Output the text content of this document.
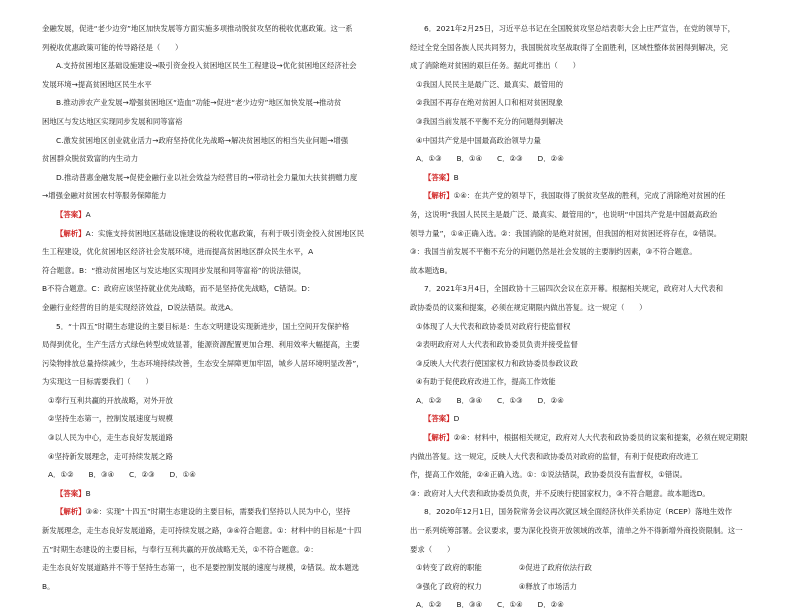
金融发展，促进“老少边穷”地区加快发展等方面实施多项推动脱贫攻坚的税收优惠政策。这一系
列税收优惠政策可能的传导路径是（　　）
A.支持贫困地区基础设施建设→吸引资金投入贫困地区民生工程建设→优化贫困地区经济社会
发展环境→提高贫困地区民生水平
B.推动涉农产业发展→增强贫困地区“造血”功能→促进“老少边穷”地区加快发展→推动贫
困地区与发达地区实现同步发展和同等富裕
C.激发贫困地区创业就业活力→政府坚持优化先战略→解决贫困地区的相当失业问题→增强
贫困群众脱贫致富的内生动力
D.推动普惠金融发展→促使金融行业以社会效益为经营目的→带动社会力量加大扶贫捐赠力度
→增强金融对贫困农村等服务保障能力
【答案】A
【解析】A：实施支持贫困地区基础设施建设的税收优惠政策，有利于吸引资金投入贫困地区民
生工程建设，优化贫困地区经济社会发展环境，进而提高贫困地区群众民生水平，A
符合题意。B：“推动贫困地区与发达地区实现同步发展和同等富裕”的说法错误，
B不符合题意。C：政府应该坚持就业优先战略，而不是坚持优先战略，C错误。D：
金融行业经营的目的是实现经济效益，D说法错误。故选A。
5．“十四五”时期生态建设的主要目标是：生态文明建设实现新进步，国土空间开发保护格
局得到优化，生产生活方式绿色转型成效显著，能源资源配置更加合理、利用效率大幅提高，主要
污染物排放总量持续减少，生态环境持续改善，生态安全屏障更加牢固，城乡人居环境明显改善”，
为实现这一目标需要我们（　　）
①奉行互利共赢的开放战略，对外开放
②坚持生态第一，控制发展速度与规模
③以人民为中心，走生态良好发展道路
④坚持新发展理念，走可持续发展之路
A．①②　　B．③④　　C．②③　　D．①④
【答案】B
【解析】③④：实现“十四五”时期生态建设的主要目标，需要我们坚持以人民为中心，坚持
新发展理念，走生态良好发展道路，走可持续发展之路，③④符合题意。①：材料中的目标是“十四
五”时期生态建设的主要目标，与奉行互利共赢的开放战略无关，①不符合题意。②：
走生态良好发展道路并不等于坚持生态第一，也不是要控制发展的速度与规模，②错误。故本题选
B。
6．2021年2月25日，习近平总书记在全国脱贫攻坚总结表彰大会上庄严宣告，在党的领导下，
经过全党全国各族人民共同努力，我国脱贫攻坚战取得了全面胜利，区域性整体贫困得到解决，完
成了消除绝对贫困的艰巨任务。据此可推出（　　）
①我国人民民主是最广泛、最真实、最管用的
②我国不再存在绝对贫困人口和相对贫困现象
③我国当前发展不平衡不充分的问题得到解决
④中国共产党是中国最高政治领导力量
A．①③　　B．①④　　C．②③　　D．②④
【答案】B
【解析】①④：在共产党的领导下，我国取得了脱贫攻坚战的胜利，完成了消除绝对贫困的任
务，这说明“我国人民民主是最广泛、最真实、最管用的”，也说明“中国共产党是中国最高政治
领导力量”，①④正确入选。②：我国消除的是绝对贫困，但我国的相对贫困还将存在，②错误。
③：我国当前发展不平衡不充分的问题仍然是社会发展的主要制约因素，③不符合题意。
故本题选B。
7．2021年3月4日，全国政协十三届四次会议在京开幕。根据相关规定，政府对人大代表和
政协委员的议案和提案，必须在规定期限内做出答复。这一规定（　　）
①体现了人大代表和政协委员对政府行使监督权
②表明政府对人大代表和政协委员负责并接受监督
③反映人大代表行使国家权力和政协委员参政议政
④有助于促使政府改进工作，提高工作效能
A．①②　　B．③④　　C．①③　　D．②④
【答案】D
【解析】②④：材料中，根据相关规定，政府对人大代表和政协委员的议案和提案，必须在规定期限
内做出答复。这一规定，反映人大代表和政协委员对政府的监督，有利于促使政府改进工
作，提高工作效能，②④正确入选。①：①说法错误，政协委员没有监督权，①错误。
③：政府对人大代表和政协委员负责，并不反映行使国家权力，③不符合题意。故本题选D。
8．2020年12月1日，国务院常务会议再次就区域全面经济伙伴关系协定（RCEP）落地生效作
出一系列统筹部署。会议要求，要为深化投资开放领域的改革，清单之外不得新增外商投资限制。这一
要求（　　）
①转变了政府的职能　　　　　②促进了政府依法行政
③强化了政府的权力　　　　　④释放了市场活力
A．①②　　B．③④　　C．①④　　D．②④
